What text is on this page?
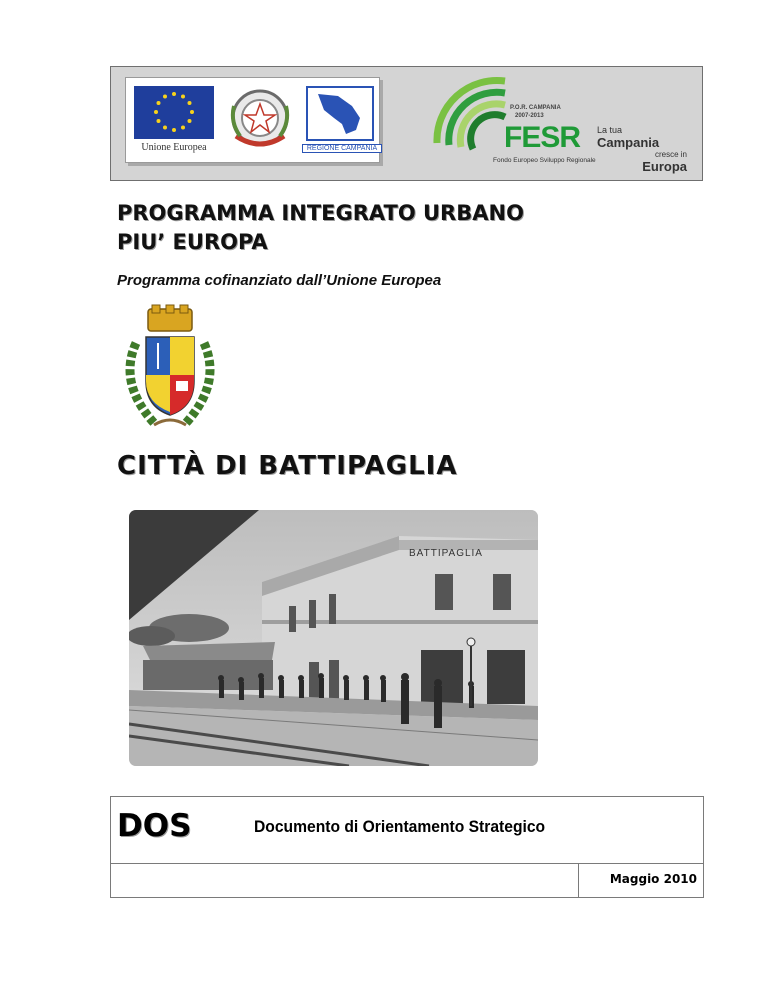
Unione Europea	REGIONE CAMPANIA
P.O.R. CAMPANIA
2007-2013
FESR
Fondo Europeo Sviluppo Regionale
La tua
Campania
cresce in
Europa
PROGRAMMA INTEGRATO URBANO
PIU’ EUROPA
Programma cofinanziato dall’Unione Europea
CITTÀ DI BATTIPAGLIA
BATTIPAGLIA
DOS	Documento di Orientamento Strategico
Maggio 2010
